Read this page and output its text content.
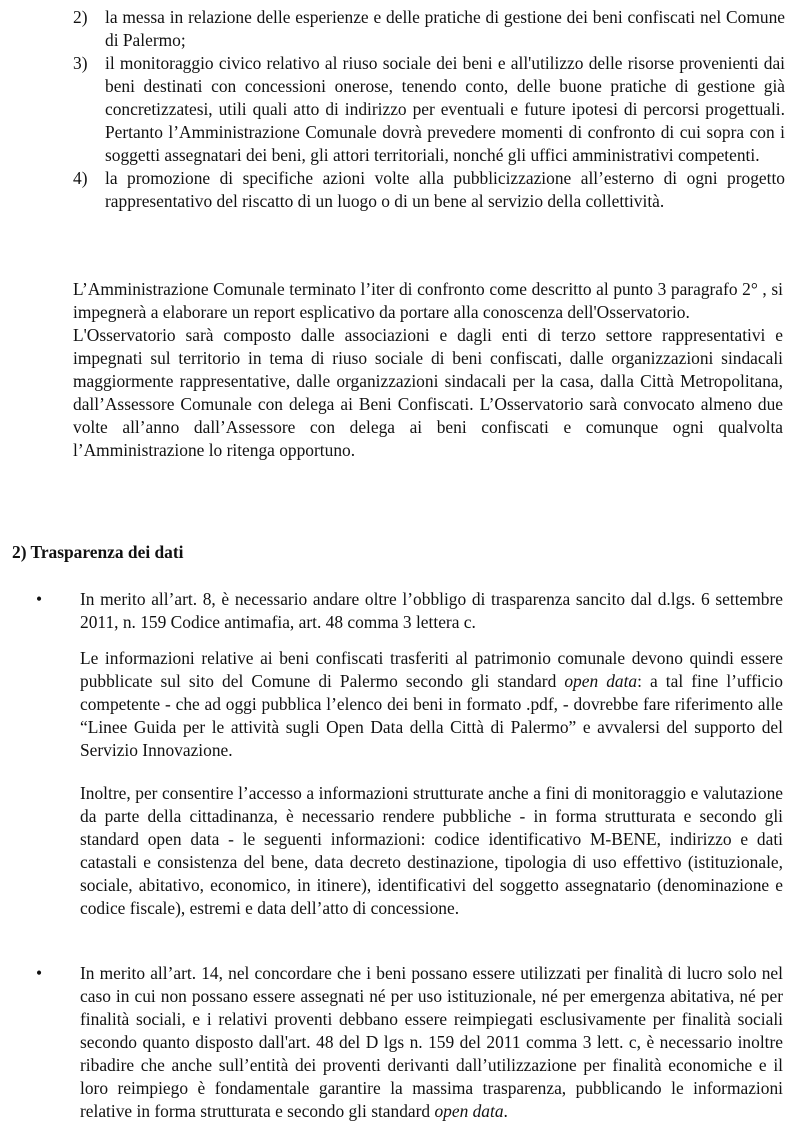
2) la messa in relazione delle esperienze e delle pratiche di gestione dei beni confiscati nel Comune di Palermo;
3) il monitoraggio civico relativo al riuso sociale dei beni e all'utilizzo delle risorse provenienti dai beni destinati con concessioni onerose, tenendo conto, delle buone pratiche di gestione già concretizzatesi, utili quali atto di indirizzo per eventuali e future ipotesi di percorsi progettuali. Pertanto l’Amministrazione Comunale dovrà prevedere momenti di confronto di cui sopra con i soggetti assegnatari dei beni, gli attori territoriali, nonché gli uffici amministrativi competenti.
4) la promozione di specifiche azioni volte alla pubblicizzazione all’esterno di ogni progetto rappresentativo del riscatto di un luogo o di un bene al servizio della collettività.

L’Amministrazione Comunale terminato l’iter di confronto come descritto al punto 3 paragrafo 2° , si impegnerà a elaborare un report esplicativo da portare alla conoscenza dell'Osservatorio.

L'Osservatorio sarà composto dalle associazioni e dagli enti di terzo settore rappresentativi e impegnati sul territorio in tema di riuso sociale di beni confiscati, dalle organizzazioni sindacali maggiormente rappresentative, dalle organizzazioni sindacali per la casa, dalla Città Metropolitana, dall’Assessore Comunale con delega ai Beni Confiscati. L’Osservatorio sarà convocato almeno due volte all’anno dall’Assessore con delega ai beni confiscati e comunque ogni qualvolta l’Amministrazione lo ritenga opportuno.

2) Trasparenza dei dati
• In merito all’art. 8, è necessario andare oltre l’obbligo di trasparenza sancito dal d.lgs. 6 settembre 2011, n. 159 Codice antimafia, art. 48 comma 3 lettera c.

Le informazioni relative ai beni confiscati trasferiti al patrimonio comunale devono quindi essere pubblicate sul sito del Comune di Palermo secondo gli standard open data: a tal fine l’ufficio competente - che ad oggi pubblica l’elenco dei beni in formato .pdf, - dovrebbe fare riferimento alle “Linee Guida per le attività sugli Open Data della Città di Palermo” e avvalersi del supporto del Servizio Innovazione.

Inoltre, per consentire l’accesso a informazioni strutturate anche a fini di monitoraggio e valutazione da parte della cittadinanza, è necessario rendere pubbliche - in forma strutturata e secondo gli standard open data - le seguenti informazioni: codice identificativo M-BENE, indirizzo e dati catastali e consistenza del bene, data decreto destinazione, tipologia di uso effettivo (istituzionale, sociale, abitativo, economico, in itinere), identificativi del soggetto assegnatario (denominazione e codice fiscale), estremi e data dell’atto di concessione.

• In merito all’art. 14, nel concordare che i beni possano essere utilizzati per finalità di lucro solo nel caso in cui non possano essere assegnati né per uso istituzionale, né per emergenza abitativa, né per finalità sociali, e i relativi proventi debbano essere reimpiegati esclusivamente per finalità sociali secondo quanto disposto dall'art. 48 del D lgs n. 159 del 2011 comma 3 lett. c, è necessario inoltre ribadire che anche sull’entità dei proventi derivanti dall’utilizzazione per finalità economiche e il loro reimpiego è fondamentale garantire la massima trasparenza, pubblicando le informazioni relative in forma strutturata e secondo gli standard open data.
